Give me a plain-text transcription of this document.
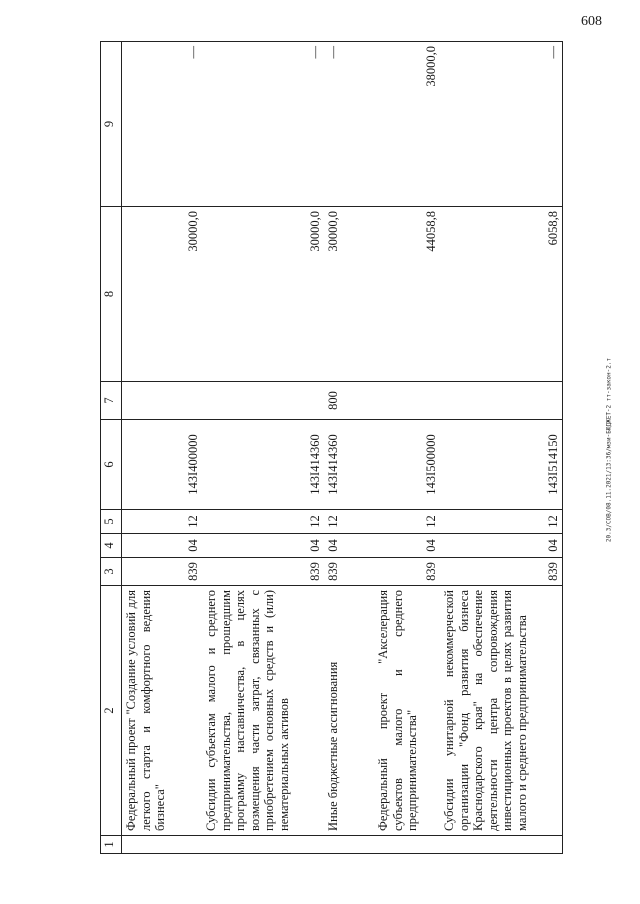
608
20.3/COB/08.11.2021/13:36/мзи-БЮДЖЕТ-2 тт-закон-2.т
1	2	3	4	5	6	7	8	9
	Федеральный проект "Создание условий для легкого старта и комфортного ведения бизнеса"	839	04	12	143I400000		30000,0	—
	Субсидии субъектам малого и среднего предпринимательства, прошедшим программу наставничества, в целях возмещения части затрат, связанных с приобретением основных средств и (или) нематериальных активов	839	04	12	143I414360		30000,0	—
	Иные бюджетные ассигнования	839	04	12	143I414360	800	30000,0	—
	Федеральный проект "Акселерация субъектов малого и среднего предпринимательства"	839	04	12	143I500000		44058,8	38000,0
	Субсидии унитарной некоммерческой организации "Фонд развития бизнеса Краснодарского края" на обеспечение деятельности центра сопровождения инвестиционных проектов в целях развития малого и среднего предпринимательства	839	04	12	143I514150		6058,8	—
